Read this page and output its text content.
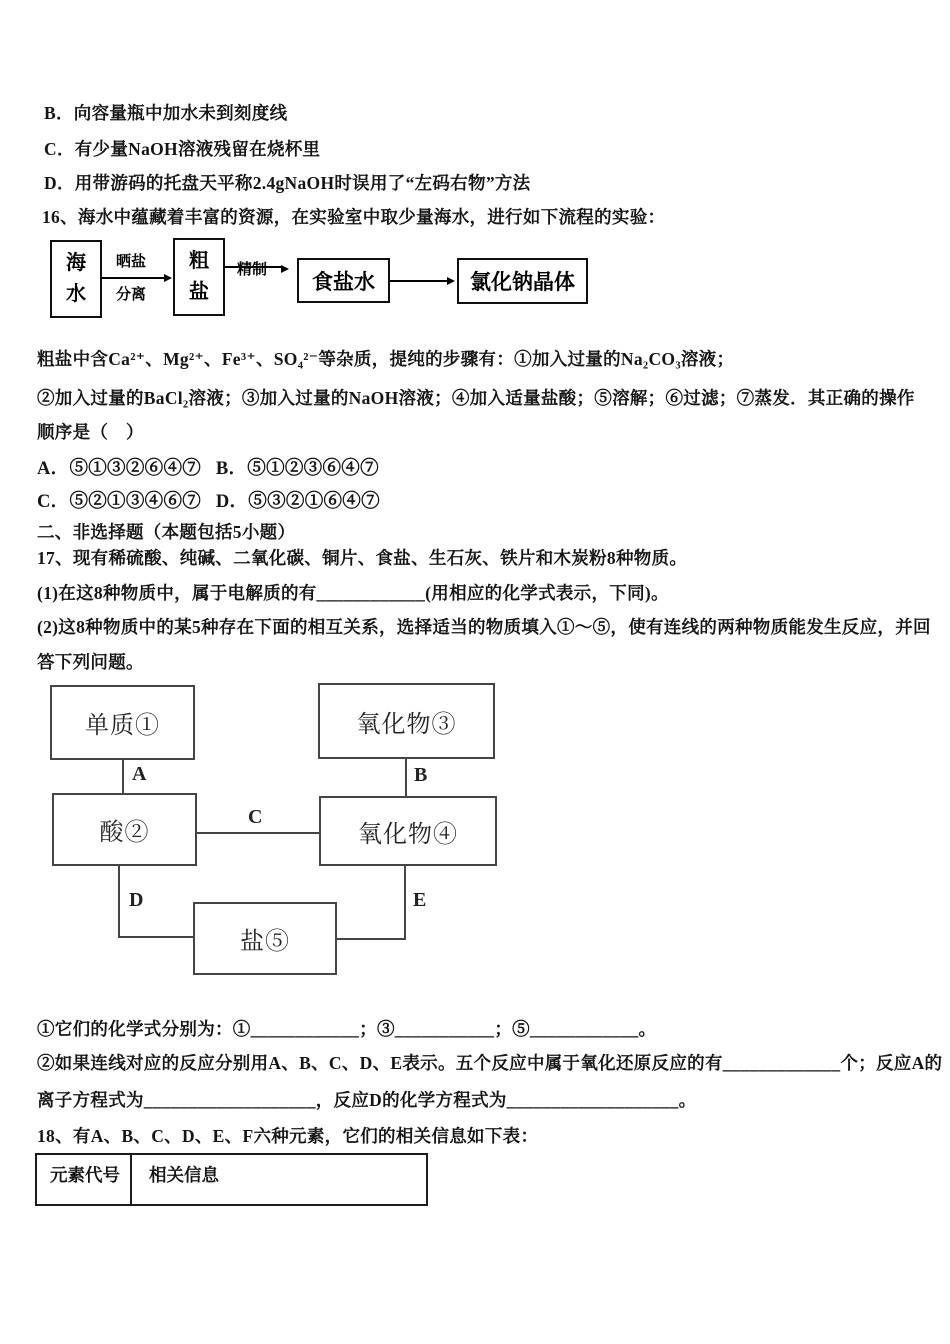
B．向容量瓶中加水未到刻度线
C．有少量NaOH溶液残留在烧杯里
D．用带游码的托盘天平称2.4gNaOH时误用了“左码右物”方法
16、海水中蕴藏着丰富的资源，在实验室中取少量海水，进行如下流程的实验：
海水
晒盐
分离
粗盐
精制 食盐水	氯化钠晶体
粗盐中含Ca²⁺、Mg²⁺、Fe³⁺、SO₄²⁻等杂质，提纯的步骤有：①加入过量的Na₂CO₃溶液；
②加入过量的BaCl₂溶液；③加入过量的NaOH溶液；④加入适量盐酸；⑤溶解；⑥过滤；⑦蒸发．其正确的操作
顺序是（　）
A．⑤①③②⑥④⑦   B．⑤①②③⑥④⑦
C．⑤②①③④⑥⑦   D．⑤③②①⑥④⑦
二、非选择题（本题包括5小题）
17、现有稀硫酸、纯碱、二氧化碳、铜片、食盐、生石灰、铁片和木炭粉8种物质。
(1)在这8种物质中，属于电解质的有____________(用相应的化学式表示，下同)。
(2)这8种物质中的某5种存在下面的相互关系，选择适当的物质填入①～⑤，使有连线的两种物质能发生反应，并回
答下列问题。
单质①	氧化物③
A	B
酸②	氧化物④
C
D	E
盐⑤
①它们的化学式分别为：①____________；③___________；⑤____________。
②如果连线对应的反应分别用A、B、C、D、E表示。五个反应中属于氧化还原反应的有_____________个；反应A的
离子方程式为___________________，反应D的化学方程式为___________________。
18、有A、B、C、D、E、F六种元素，它们的相关信息如下表：
元素代号	相关信息
